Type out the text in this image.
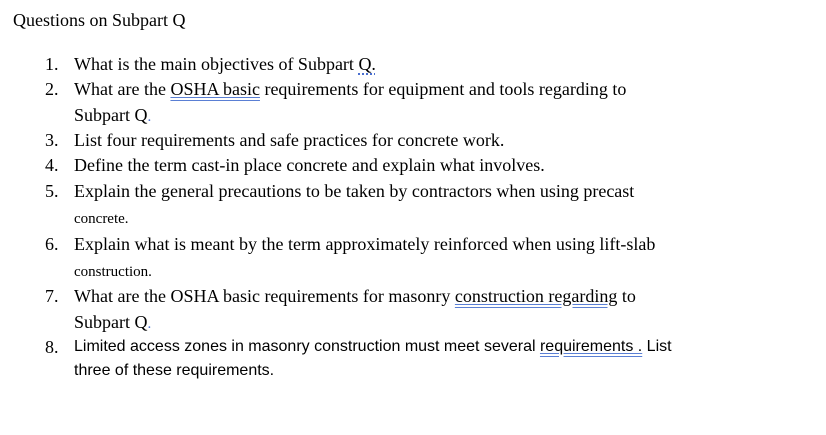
Questions on Subpart Q
1. What is the main objectives of Subpart Q.
2. What are the OSHA basic requirements for equipment and tools regarding to
Subpart Q.
3. List four requirements and safe practices for concrete work.
4. Define the term cast-in place concrete and explain what involves.
5. Explain the general precautions to be taken by contractors when using precast
concrete.
6. Explain what is meant by the term approximately reinforced when using lift-slab
construction.
7. What are the OSHA basic requirements for masonry construction regarding to
Subpart Q.
8. Limited access zones in masonry construction must meet several requirements . List
three of these requirements.
